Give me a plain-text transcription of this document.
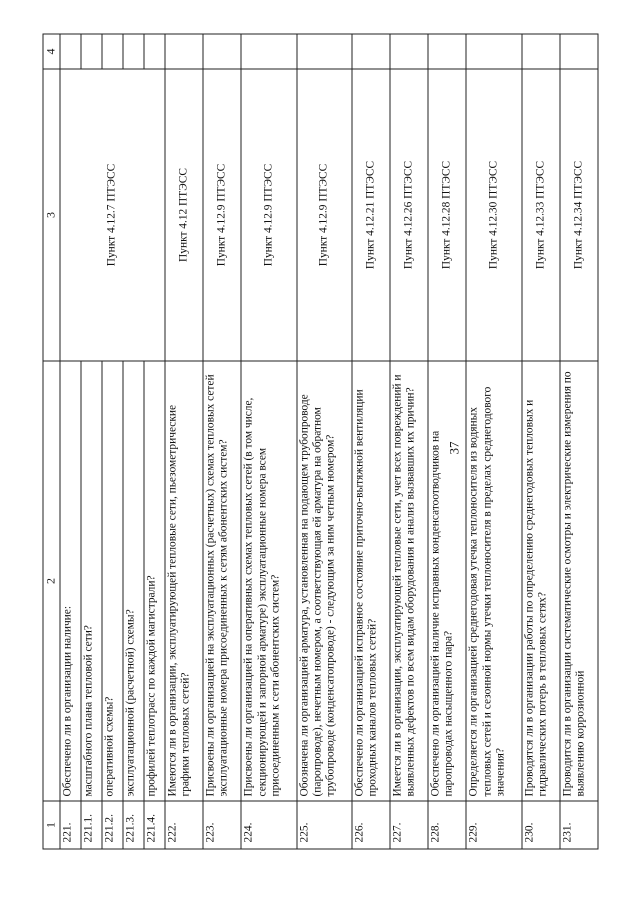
37
1	2	3	4
221.	Обеспечено ли в организации наличие:	Пункт 4.12.7 ПТЭСС	
221.1.	масштабного плана тепловой сети?		
221.2.	оперативной схемы?		
221.3.	эксплуатационной (расчетной) схемы?		
221.4.	профилей теплотрасс по каждой магистрали?		
222.	Имеются ли в организации, эксплуатирующей тепловые сети, пьезометрические графики тепловых сетей?	Пункт 4.12 ПТЭСС	
223.	Присвоены ли организацией на эксплуатационных (расчетных) схемах тепловых сетей эксплуатационные номера присоединенных к сетям абонентских систем?	Пункт 4.12.9 ПТЭСС	
224.	Присвоены ли организацией на оперативных схемах тепловых сетей (в том числе, секционирующей и запорной арматуре) эксплуатационные номера всем присоединенным к сети абонентских систем?	Пункт 4.12.9 ПТЭСС	
225.	Обозначена ли организацией арматура, установленная на подающем трубопроводе (паропроводе), нечетным номером, а соответствующая ей арматура на обратном трубопроводе (конденсатопроводе) - следующим за ним четным номером?	Пункт 4.12.9 ПТЭСС	
226.	Обеспечено ли организацией исправное состояние приточно-вытяжной вентиляции проходных каналов тепловых сетей?	Пункт 4.12.21 ПТЭСС	
227.	Имеется ли в организации, эксплуатирующей тепловые сети, учет всех повреждений и выявленных дефектов по всем видам оборудования и анализ вызвавших их причин?	Пункт 4.12.26 ПТЭСС	
228.	Обеспечено ли организацией наличие исправных конденсатоотводчиков на паропроводах насыщенного пара?	Пункт 4.12.28 ПТЭСС	
229.	Определяется ли организацией среднегодовая утечка теплоносителя из водяных тепловых сетей и сезонной нормы утечки теплоносителя в пределах среднегодового значения?	Пункт 4.12.30 ПТЭСС	
230.	Проводятся ли в организации работы по определению среднегодовых тепловых и гидравлических потерь в тепловых сетях?	Пункт 4.12.33 ПТЭСС	
231.	Проводится ли в организации систематические осмотры и электрические измерения по выявлению коррозионной	Пункт 4.12.34 ПТЭСС	
